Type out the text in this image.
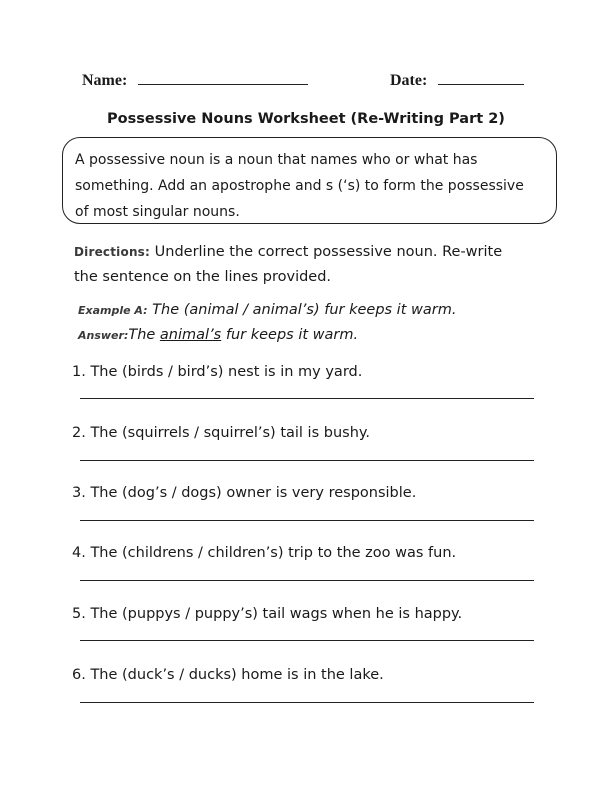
Name:	Date:
Possessive Nouns Worksheet (Re-Writing Part 2)
A possessive noun is a noun that names who or what has
something. Add an apostrophe and s (‘s) to form the possessive
of most singular nouns.
Directions: Underline the correct possessive noun. Re-write
the sentence on the lines provided.
Example A: The (animal / animal’s) fur keeps it warm.
Answer:The animal’s fur keeps it warm.
1. The (birds / bird’s) nest is in my yard.
2. The (squirrels / squirrel’s) tail is bushy.
3. The (dog’s / dogs) owner is very responsible.
4. The (childrens / children’s) trip to the zoo was fun.
5. The (puppys / puppy’s) tail wags when he is happy.
6. The (duck’s / ducks) home is in the lake.
